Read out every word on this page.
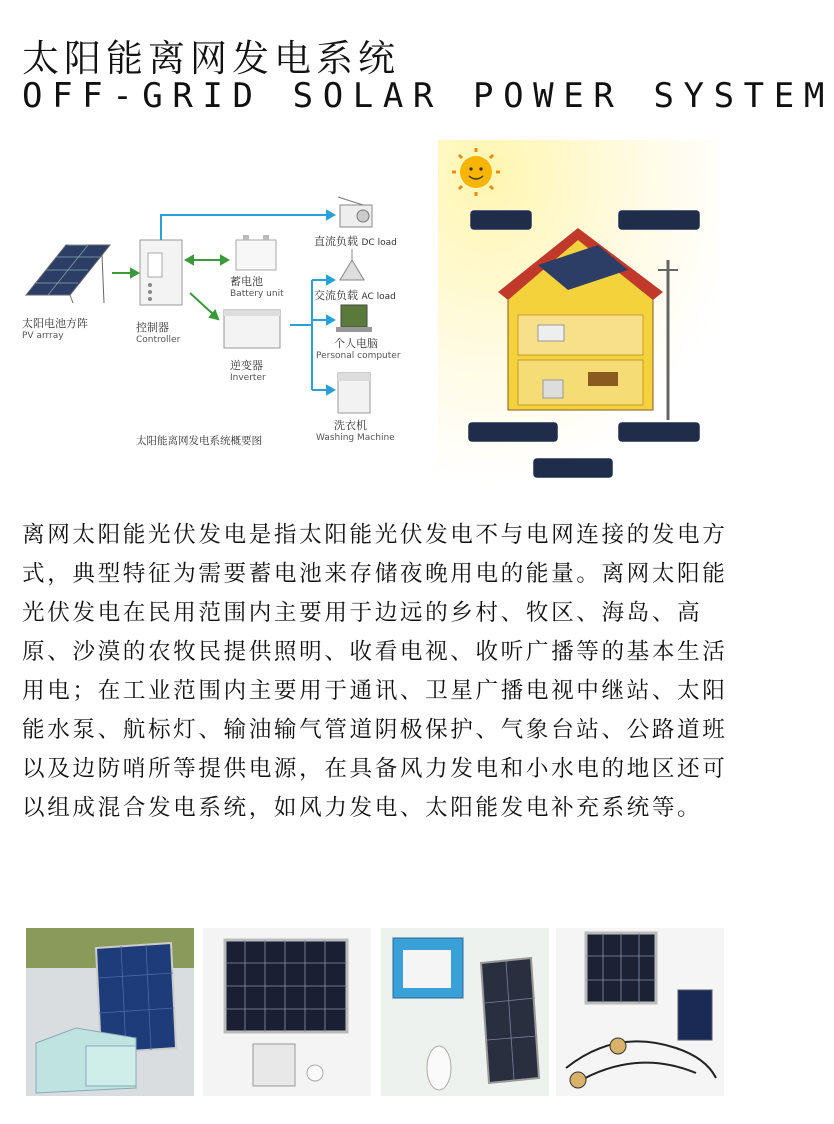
太阳能离网发电系统
OFF-GRID SOLAR POWER SYSTEM
太阳电池方阵
PV arrray
控制器
Controller
蓄电池
Battery unit
逆变器
Inverter
直流负载 DC load
交流负载 AC load
个人电脑
Personal computer
洗衣机
Washing Machine
太阳能离网发电系统概要图

离网太阳能光伏发电是指太阳能光伏发电不与电网连接的发电方式，典型特征为需要蓄电池来存储夜晚用电的能量。离网太阳能光伏发电在民用范围内主要用于边远的乡村、牧区、海岛、高原、沙漠的农牧民提供照明、收看电视、收听广播等的基本生活用电；在工业范围内主要用于通讯、卫星广播电视中继站、太阳能水泵、航标灯、输油输气管道阴极保护、气象台站、公路道班以及边防哨所等提供电源，在具备风力发电和小水电的地区还可以组成混合发电系统，如风力发电、太阳能发电补充系统等。
